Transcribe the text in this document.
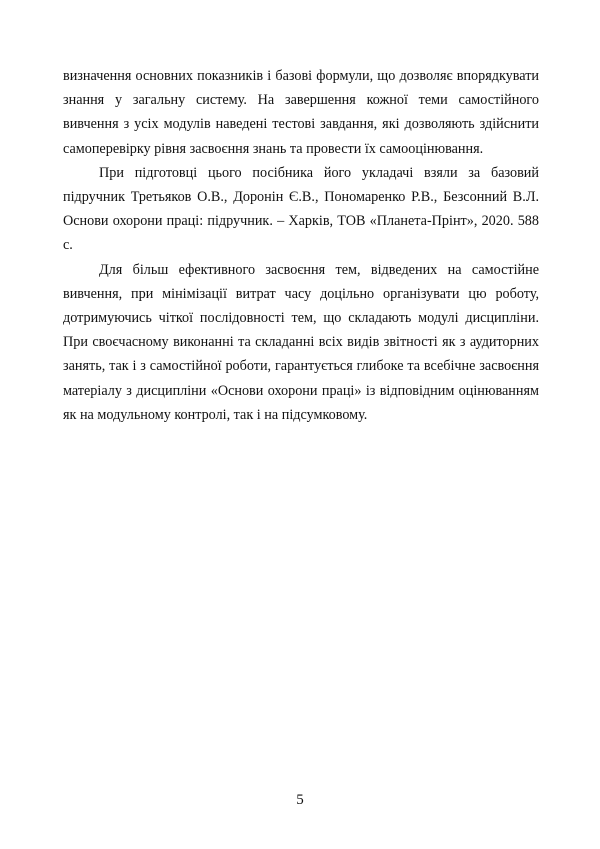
визначення основних показників і базові формули, що дозволяє впорядкувати знання у загальну систему. На завершення кожної теми самостійного вивчення з усіх модулів наведені тестові завдання, які дозволяють здійснити самоперевірку рівня засвоєння знань та провести їх самооцінювання.

При підготовці цього посібника його укладачі взяли за базовий підручник Третьяков О.В., Доронін Є.В., Пономаренко Р.В., Безсонний В.Л. Основи охорони праці: підручник. – Харків, ТОВ «Планета-Прінт», 2020. 588 с.

Для більш ефективного засвоєння тем, відведених на самостійне вивчення, при мінімізації витрат часу доцільно організувати цю роботу, дотримуючись чіткої послідовності тем, що складають модулі дисципліни. При своєчасному виконанні та складанні всіх видів звітності як з аудиторних занять, так і з самостійної роботи, гарантується глибоке та всебічне засвоєння матеріалу з дисципліни «Основи охорони праці» із відповідним оцінюванням як на модульному контролі, так і на підсумковому.

5
